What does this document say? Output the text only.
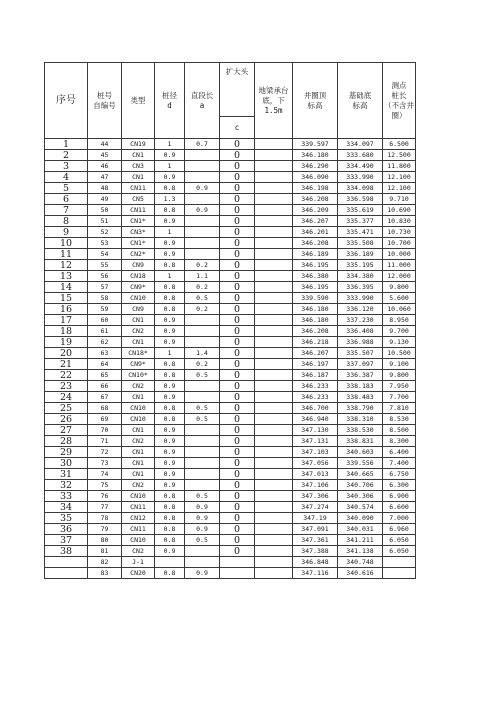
序号	桩号
自编号	类型	桩径
d	直段长
a	扩大头	地梁承台
底，下
1.5m	井圈顶
标高	基础底
标高	测点
桩长
（不含井
圈）
					c				
1	44	CN19	1	0.7	0		339.597	334.097	6.500
2	45	CN1	0.9		0		346.180	333.680	12.500
3	46	CN3	1		0		346.290	334.490	11.800
4	47	CN1	0.9		0		346.090	333.990	12.100
5	48	CN11	0.8	0.9	0		346.198	334.098	12.100
6	49	CN5	1.3		0		346.208	336.598	9.710
7	50	CN11	0.8	0.9	0		346.209	335.619	10.690
8	51	CN1*	0.9		0		346.207	335.377	10.830
9	52	CN3*	1		0		346.201	335.471	10.730
10	53	CN1*	0.9		0		346.208	335.508	10.700
11	54	CN2*	0.9		0		346.189	336.189	10.000
12	55	CN9	0.8	0.2	0		346.195	335.195	11.000
13	56	CN18	1	1.1	0		346.380	334.380	12.000
14	57	CN9*	0.8	0.2	0		346.195	336.395	9.800
15	58	CN10	0.8	0.5	0		339.590	333.990	5.600
16	59	CN9	0.8	0.2	0		346.180	336.120	10.060
17	60	CN1	0.9		0		346.180	337.230	8.950
18	61	CN2	0.9		0		346.208	336.408	9.700
19	62	CN1	0.9		0		346.218	336.988	9.130
20	63	CN18*	1	1.4	0		346.207	335.507	10.500
21	64	CN9*	0.8	0.2	0		346.197	337.097	9.100
22	65	CN10*	0.8	0.5	0		346.187	336.387	9.800
23	66	CN2	0.9		0		346.233	338.183	7.950
24	67	CN1	0.9		0		346.233	338.483	7.700
25	68	CN10	0.8	0.5	0		346.700	338.790	7.810
26	69	CN10	0.8	0.5	0		346.940	338.310	8.530
27	70	CN1	0.9		0		347.130	338.530	8.500
28	71	CN2	0.9		0		347.131	338.831	8.300
29	72	CN1	0.9		0		347.103	340.603	6.400
30	73	CN1	0.9		0		347.056	339.556	7.400
31	74	CN1	0.9		0		347.013	340.665	6.750
32	75	CN2	0.9		0		347.106	340.706	6.300
33	76	CN10	0.8	0.5	0		347.306	340.306	6.900
34	77	CN11	0.8	0.9	0		347.274	340.574	6.600
35	78	CN12	0.8	0.9	0		347.19	340.090	7.000
36	79	CN11	0.8	0.9	0		347.091	340.031	6.960
37	80	CN10	0.8	0.5	0		347.361	341.211	6.050
38	81	CN2	0.9		0		347.388	341.138	6.050
	82	J-1					346.848	340.748	
	83	CN20	0.8	0.9			347.116	340.616	
